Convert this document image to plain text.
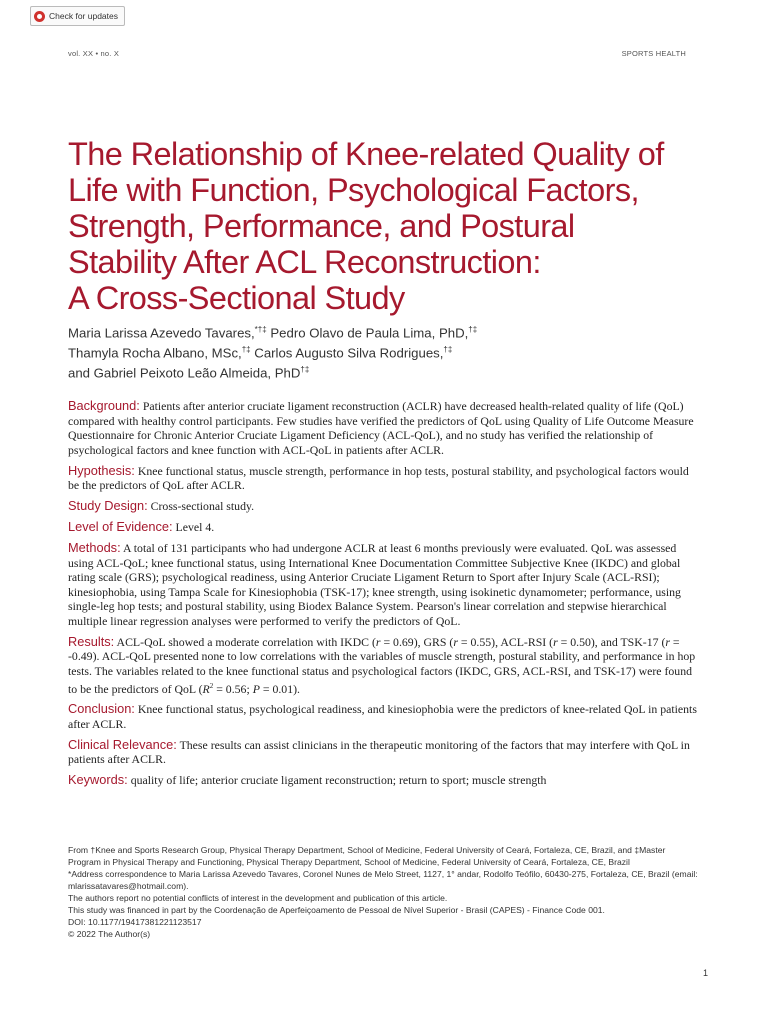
Check for updates
vol. XX • no. X	SPORTS HEALTH
The Relationship of Knee-related Quality of
Life with Function, Psychological Factors,
Strength, Performance, and Postural
Stability After ACL Reconstruction:
A Cross-Sectional Study
Maria Larissa Azevedo Tavares,*†‡ Pedro Olavo de Paula Lima, PhD,†‡
Thamyla Rocha Albano, MSc,†‡ Carlos Augusto Silva Rodrigues,†‡
and Gabriel Peixoto Leão Almeida, PhD†‡

Background: Patients after anterior cruciate ligament reconstruction (ACLR) have decreased health-related quality of life (QoL) compared with healthy control participants. Few studies have verified the predictors of QoL using Quality of Life Outcome Measure Questionnaire for Chronic Anterior Cruciate Ligament Deficiency (ACL-QoL), and no study has verified the relationship of psychological factors and knee function with ACL-QoL in patients after ACLR.

Hypothesis: Knee functional status, muscle strength, performance in hop tests, postural stability, and psychological factors would be the predictors of QoL after ACLR.

Study Design: Cross-sectional study.

Level of Evidence: Level 4.

Methods: A total of 131 participants who had undergone ACLR at least 6 months previously were evaluated. QoL was assessed using ACL-QoL; knee functional status, using International Knee Documentation Committee Subjective Knee (IKDC) and global rating scale (GRS); psychological readiness, using Anterior Cruciate Ligament Return to Sport after Injury Scale (ACL-RSI); kinesiophobia, using Tampa Scale for Kinesiophobia (TSK-17); knee strength, using isokinetic dynamometer; performance, using single-leg hop tests; and postural stability, using Biodex Balance System. Pearson's linear correlation and stepwise hierarchical multiple linear regression analyses were performed to verify the predictors of QoL.

Results: ACL-QoL showed a moderate correlation with IKDC (r = 0.69), GRS (r = 0.55), ACL-RSI (r = 0.50), and TSK-17 (r = -0.49). ACL-QoL presented none to low correlations with the variables of muscle strength, postural stability, and performance in hop tests. The variables related to the knee functional status and psychological factors (IKDC, GRS, ACL-RSI, and TSK-17) were found to be the predictors of QoL ($R^2 = 0.56$; P = 0.01).

Conclusion: Knee functional status, psychological readiness, and kinesiophobia were the predictors of knee-related QoL in patients after ACLR.

Clinical Relevance: These results can assist clinicians in the therapeutic monitoring of the factors that may interfere with QoL in patients after ACLR.

Keywords: quality of life; anterior cruciate ligament reconstruction; return to sport; muscle strength

From †Knee and Sports Research Group, Physical Therapy Department, School of Medicine, Federal University of Ceará, Fortaleza, CE, Brazil, and ‡Master Program in Physical Therapy and Functioning, Physical Therapy Department, School of Medicine, Federal University of Ceará, Fortaleza, CE, Brazil

*Address correspondence to Maria Larissa Azevedo Tavares, Coronel Nunes de Melo Street, 1127, 1° andar, Rodolfo Teófilo, 60430-275, Fortaleza, CE, Brazil (email: mlarissatavares@hotmail.com).

The authors report no potential conflicts of interest in the development and publication of this article.

This study was financed in part by the Coordenação de Aperfeiçoamento de Pessoal de Nível Superior - Brasil (CAPES) - Finance Code 001.

DOI: 10.1177/19417381221123517

© 2022 The Author(s)

1
